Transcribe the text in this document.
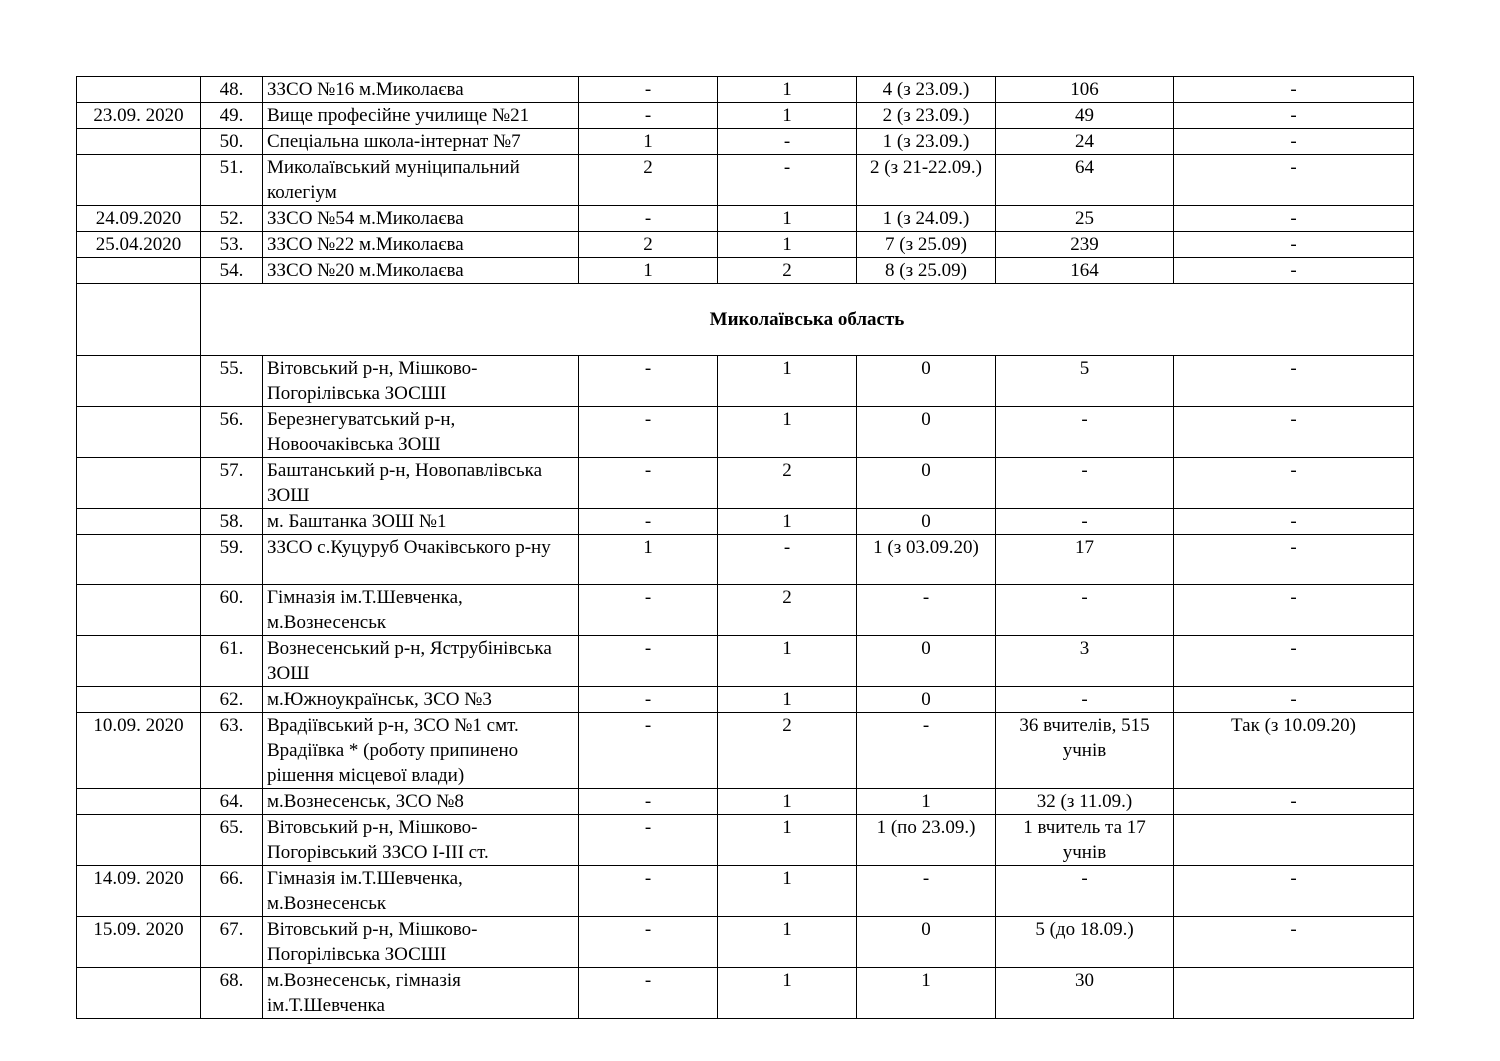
	48.	ЗЗСО №16 м.Миколаєва	-	1	4 (з 23.09.)	106	-
23.09. 2020	49.	Вище професійне училище №21	-	1	2 (з 23.09.)	49	-
	50.	Спеціальна школа-інтернат №7	1	-	1 (з 23.09.)	24	-
	51.	Миколаївський муніципальний колегіум	2	-	2 (з 21-22.09.)	64	-
24.09.2020	52.	ЗЗСО №54 м.Миколаєва	-	1	1 (з 24.09.)	25	-
25.04.2020	53.	ЗЗСО №22 м.Миколаєва	2	1	7 (з 25.09)	239	-
	54.	ЗЗСО №20 м.Миколаєва	1	2	8 (з 25.09)	164	-
	Миколаївська область						
	55.	Вітовський р-н, Мішково-Погорілівська ЗОСШІ	-	1	0	5	-
	56.	Березнегуватський р-н, Новоочаківська ЗОШ	-	1	0	-	-
	57.	Баштанський р-н, Новопавлівська ЗОШ	-	2	0	-	-
	58.	м. Баштанка ЗОШ №1	-	1	0	-	-
	59.	ЗЗСО с.Куцуруб Очаківського р-ну	1	-	1 (з 03.09.20)	17	-
	60.	Гімназія ім.Т.Шевченка, м.Вознесенськ	-	2	-	-	-
	61.	Вознесенський р-н, Яструбінівська ЗОШ	-	1	0	3	-
	62.	м.Южноукраїнськ, ЗСО №3	-	1	0	-	-
10.09. 2020	63.	Врадіївський р-н, ЗСО №1 смт. Врадіївка * (роботу припинено рішення місцевої влади)	-	2	-	36 вчителів, 515 учнів	Так (з 10.09.20)
	64.	м.Вознесенськ, ЗСО №8	-	1	1	32 (з 11.09.)	-
	65.	Вітовський р-н, Мішково-Погорівський ЗЗСО І-ІІІ ст.	-	1	1 (по 23.09.)	1 вчитель та 17 учнів	
14.09. 2020	66.	Гімназія ім.Т.Шевченка, м.Вознесенськ	-	1	-	-	-
15.09. 2020	67.	Вітовський р-н, Мішково-Погорілівська ЗОСШІ	-	1	0	5 (до 18.09.)	-
	68.	м.Вознесенськ, гімназія ім.Т.Шевченка	-	1	1	30	
